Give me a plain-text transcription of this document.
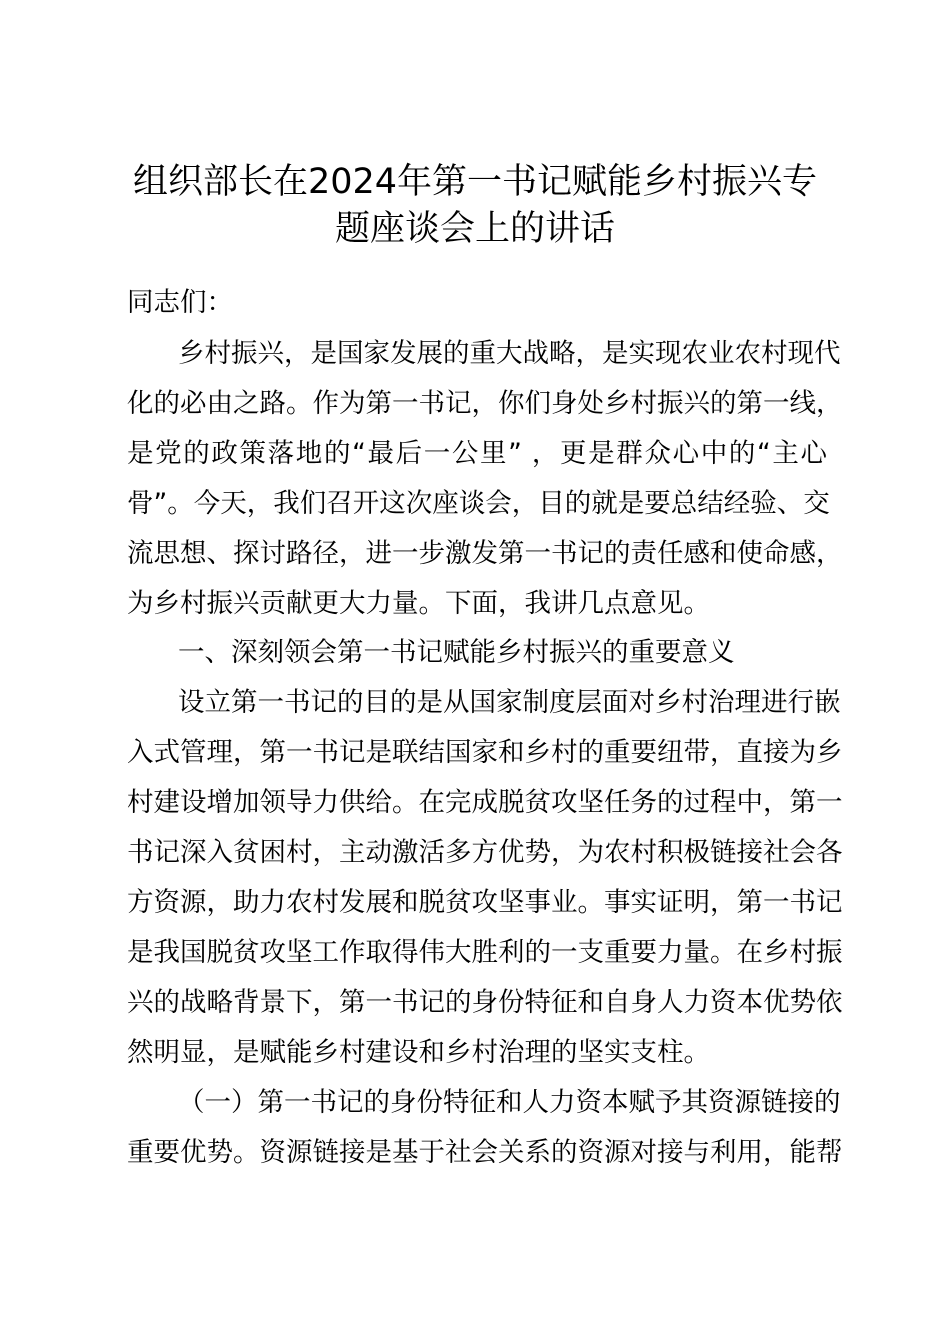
组织部长在2024年第一书记赋能乡村振兴专
题座谈会上的讲话
同志们：
乡村振兴，是国家发展的重大战略，是实现农业农村现代
化的必由之路。作为第一书记，你们身处乡村振兴的第一线，
是党的政策落地的“最后一公里” ，更是群众心中的“主心
骨”。今天，我们召开这次座谈会，目的就是要总结经验、交
流思想、探讨路径，进一步激发第一书记的责任感和使命感，
为乡村振兴贡献更大力量。下面，我讲几点意见。
一、深刻领会第一书记赋能乡村振兴的重要意义
设立第一书记的目的是从国家制度层面对乡村治理进行嵌
入式管理，第一书记是联结国家和乡村的重要纽带，直接为乡
村建设增加领导力供给。在完成脱贫攻坚任务的过程中，第一
书记深入贫困村，主动激活多方优势，为农村积极链接社会各
方资源，助力农村发展和脱贫攻坚事业。事实证明，第一书记
是我国脱贫攻坚工作取得伟大胜利的一支重要力量。在乡村振
兴的战略背景下，第一书记的身份特征和自身人力资本优势依
然明显，是赋能乡村建设和乡村治理的坚实支柱。
（一）第一书记的身份特征和人力资本赋予其资源链接的
重要优势。资源链接是基于社会关系的资源对接与利用，能帮
